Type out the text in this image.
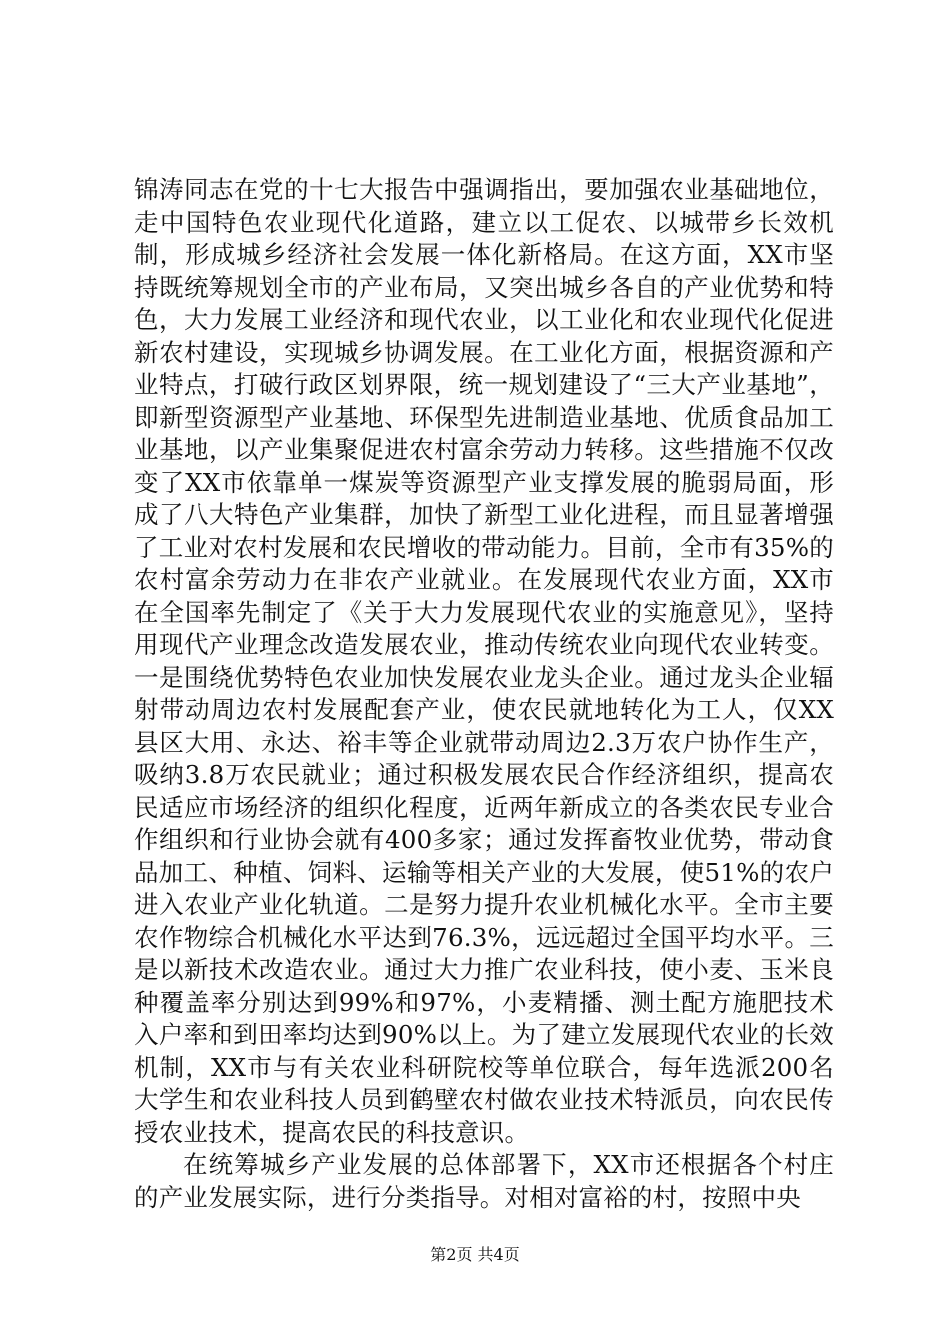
锦涛同志在党的十七大报告中强调指出，要加强农业基础地位，走中国特色农业现代化道路，建立以工促农、以城带乡长效机制，形成城乡经济社会发展一体化新格局。在这方面，XX市坚持既统筹规划全市的产业布局，又突出城乡各自的产业优势和特色，大力发展工业经济和现代农业，以工业化和农业现代化促进新农村建设，实现城乡协调发展。在工业化方面，根据资源和产业特点，打破行政区划界限，统一规划建设了“三大产业基地”，即新型资源型产业基地、环保型先进制造业基地、优质食品加工业基地，以产业集聚促进农村富余劳动力转移。这些措施不仅改变了XX市依靠单一煤炭等资源型产业支撑发展的脆弱局面，形成了八大特色产业集群，加快了新型工业化进程，而且显著增强了工业对农村发展和农民增收的带动能力。目前，全市有35%的农村富余劳动力在非农产业就业。在发展现代农业方面，XX市在全国率先制定了《关于大力发展现代农业的实施意见》，坚持用现代产业理念改造发展农业，推动传统农业向现代农业转变。一是围绕优势特色农业加快发展农业龙头企业。通过龙头企业辐射带动周边农村发展配套产业，使农民就地转化为工人，仅XX县区大用、永达、裕丰等企业就带动周边2.3万农户协作生产，吸纳3.8万农民就业；通过积极发展农民合作经济组织，提高农民适应市场经济的组织化程度，近两年新成立的各类农民专业合作组织和行业协会就有400多家；通过发挥畜牧业优势，带动食品加工、种植、饲料、运输等相关产业的大发展，使51%的农户进入农业产业化轨道。二是努力提升农业机械化水平。全市主要农作物综合机械化水平达到76.3%，远远超过全国平均水平。三是以新技术改造农业。通过大力推广农业科技，使小麦、玉米良种覆盖率分别达到99%和97%，小麦精播、测土配方施肥技术入户率和到田率均达到90%以上。为了建立发展现代农业的长效机制，XX市与有关农业科研院校等单位联合，每年选派200名大学生和农业科技人员到鹤壁农村做农业技术特派员，向农民传授农业技术，提高农民的科技意识。

在统筹城乡产业发展的总体部署下，XX市还根据各个村庄的产业发展实际，进行分类指导。对相对富裕的村，按照中央

第2页 共4页
